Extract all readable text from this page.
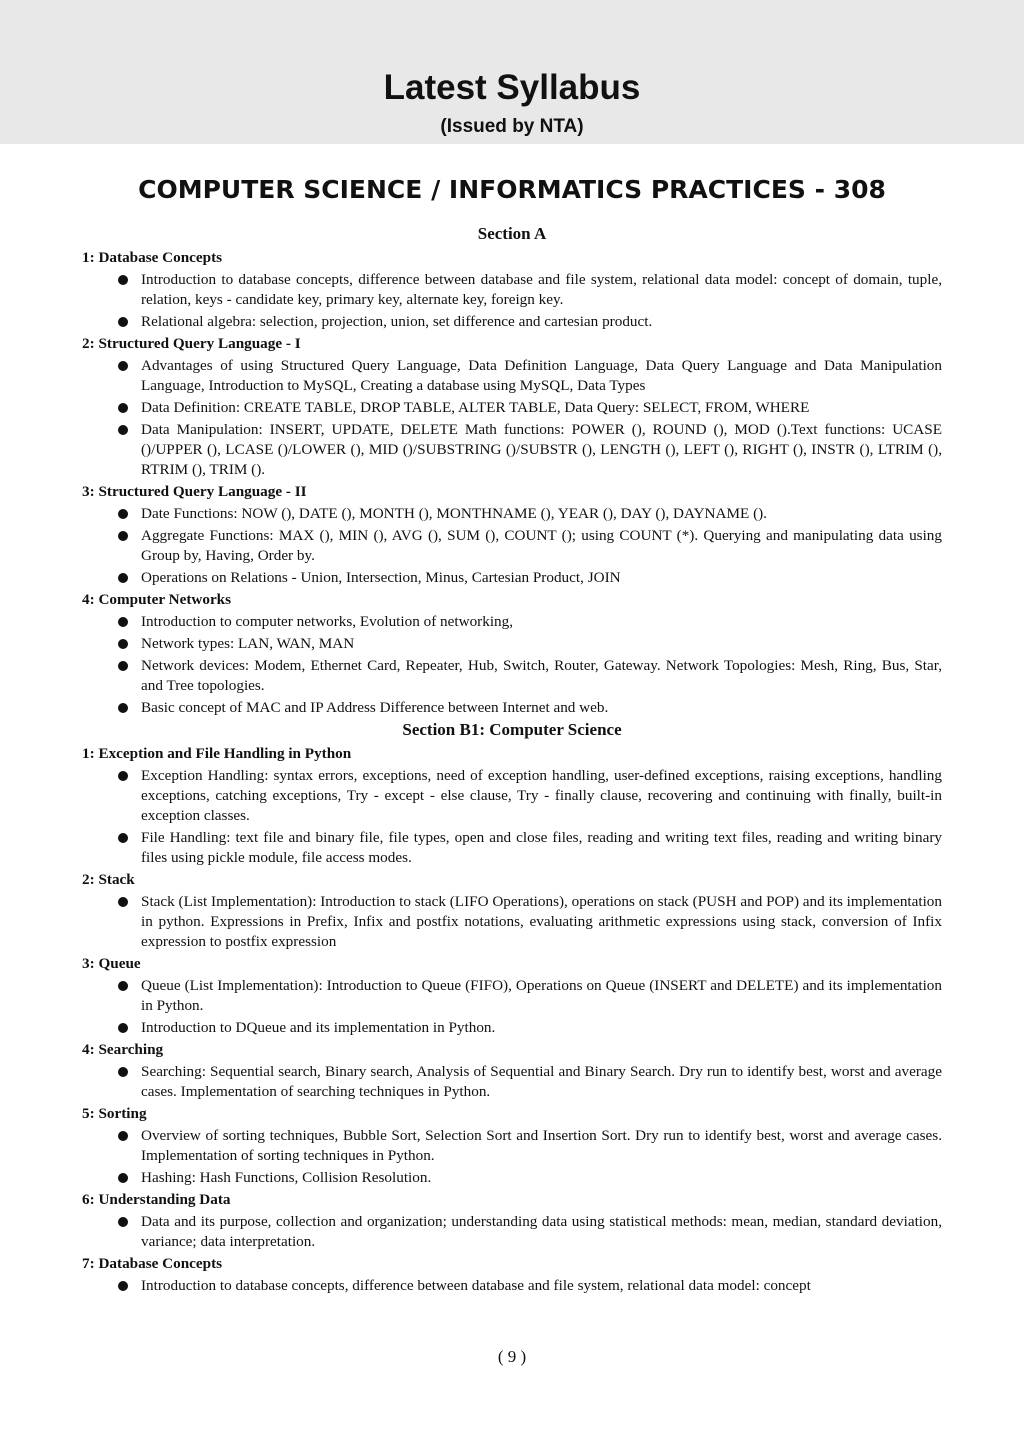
Latest Syllabus
(Issued by NTA)
COMPUTER SCIENCE / INFORMATICS PRACTICES - 308
Section A
1: Database Concepts
Introduction to database concepts, difference between database and file system, relational data model: concept of domain, tuple, relation, keys - candidate key, primary key, alternate key, foreign key.
Relational algebra: selection, projection, union, set difference and cartesian product.
2: Structured Query Language - I
Advantages of using Structured Query Language, Data Definition Language, Data Query Language and Data Manipulation Language, Introduction to MySQL, Creating a database using MySQL, Data Types
Data Definition: CREATE TABLE, DROP TABLE, ALTER TABLE, Data Query: SELECT, FROM, WHERE
Data Manipulation: INSERT, UPDATE, DELETE Math functions: POWER (), ROUND (), MOD ().Text functions: UCASE ()/UPPER (), LCASE ()/LOWER (), MID ()/SUBSTRING ()/SUBSTR (), LENGTH (), LEFT (), RIGHT (), INSTR (), LTRIM (), RTRIM (), TRIM ().
3: Structured Query Language - II
Date Functions: NOW (), DATE (), MONTH (), MONTHNAME (), YEAR (), DAY (), DAYNAME ().
Aggregate Functions: MAX (), MIN (), AVG (), SUM (), COUNT (); using COUNT (*). Querying and manipulating data using Group by, Having, Order by.
Operations on Relations - Union, Intersection, Minus, Cartesian Product, JOIN
4: Computer Networks
Introduction to computer networks, Evolution of networking,
Network types: LAN, WAN, MAN
Network devices: Modem, Ethernet Card, Repeater, Hub, Switch, Router, Gateway. Network Topologies: Mesh, Ring, Bus, Star, and Tree topologies.
Basic concept of MAC and IP Address Difference between Internet and web.
Section B1: Computer Science
1: Exception and File Handling in Python
Exception Handling: syntax errors, exceptions, need of exception handling, user-defined exceptions, raising exceptions, handling exceptions, catching exceptions, Try - except - else clause, Try - finally clause, recovering and continuing with finally, built-in exception classes.
File Handling: text file and binary file, file types, open and close files, reading and writing text files, reading and writing binary files using pickle module, file access modes.
2: Stack
Stack (List Implementation): Introduction to stack (LIFO Operations), operations on stack (PUSH and POP) and its implementation in python. Expressions in Prefix, Infix and postfix notations, evaluating arithmetic expressions using stack, conversion of Infix expression to postfix expression
3: Queue
Queue (List Implementation): Introduction to Queue (FIFO), Operations on Queue (INSERT and DELETE) and its implementation in Python.
Introduction to DQueue and its implementation in Python.
4: Searching
Searching: Sequential search, Binary search, Analysis of Sequential and Binary Search. Dry run to identify best, worst and average cases. Implementation of searching techniques in Python.
5: Sorting
Overview of sorting techniques, Bubble Sort, Selection Sort and Insertion Sort. Dry run to identify best, worst and average cases. Implementation of sorting techniques in Python.
Hashing: Hash Functions, Collision Resolution.
6: Understanding Data
Data and its purpose, collection and organization; understanding data using statistical methods: mean, median, standard deviation, variance; data interpretation.
7: Database Concepts
Introduction to database concepts, difference between database and file system, relational data model: concept
( 9 )
